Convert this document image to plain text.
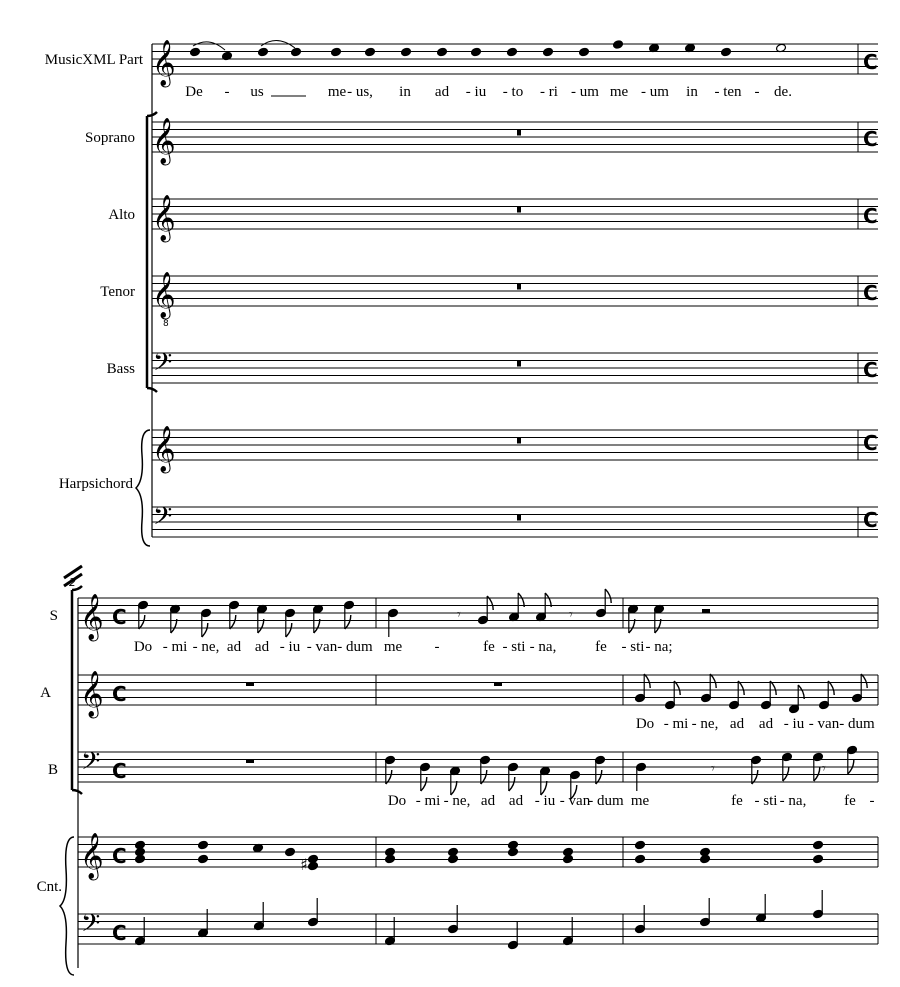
𝄞
𝄞
𝄞
𝄞
𝄢
𝄞
𝄢
8
𝄞
𝄞
𝄢
𝄞
𝄢
𝄾	𝄾
𝄾	𝄾
♯
MusicXML Part
Soprano
Alto
Tenor
Bass
Harpsichord
De - us	me - us, in ad - iu - to - ri - um me - um in - ten - de.
2
S
A
B
Cnt.
C
C
C
C
C
C
C
C
C
C
C
C
Do - mi - ne, ad ad - iu - van - dum me -	fe - sti - na,	fe - sti - na;
Do - mi - ne, ad ad - iu - van - dum
Do - mi - ne, ad ad - iu - van
- dum me	fe - sti - na,	fe -
